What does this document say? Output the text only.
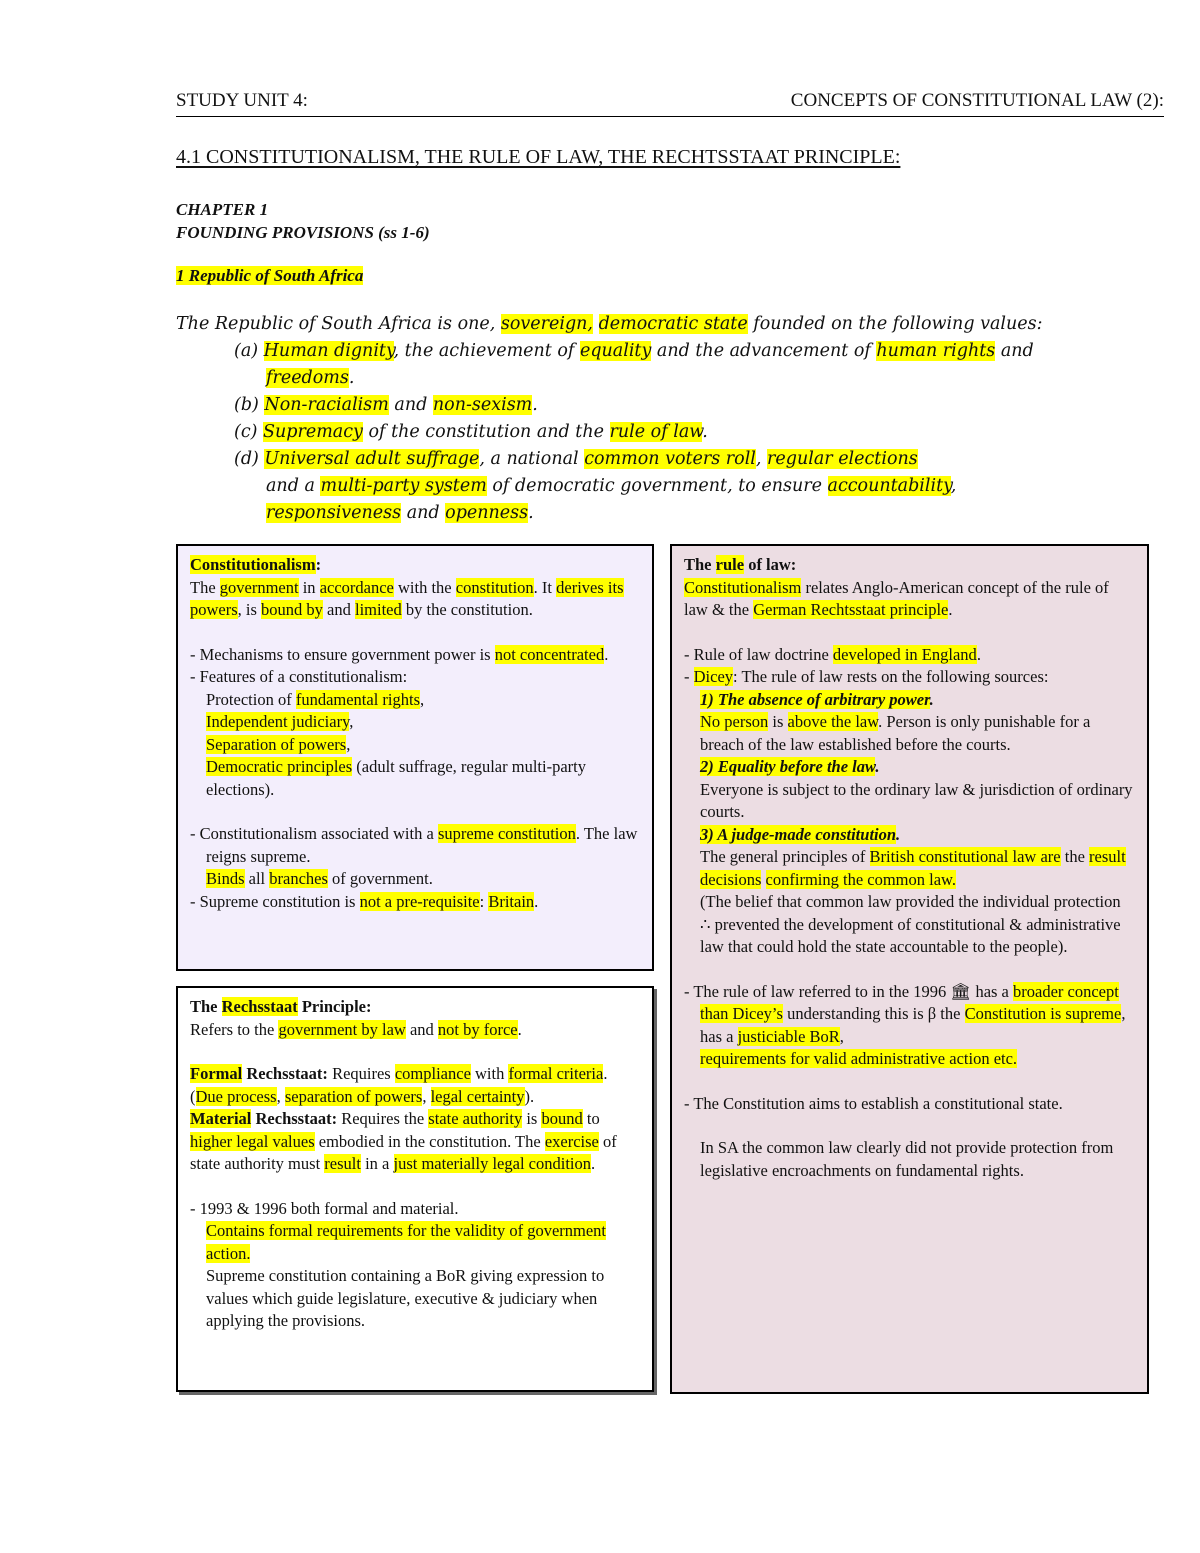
STUDY UNIT 4:	CONCEPTS OF CONSTITUTIONAL LAW (2):
4.1 CONSTITUTIONALISM, THE RULE OF LAW, THE RECHTSSTAAT PRINCIPLE:
CHAPTER 1
FOUNDING PROVISIONS (ss 1-6)
1 Republic of South Africa
The Republic of South Africa is one, sovereign, democratic state founded on the following values:
(a) Human dignity, the achievement of equality and the advancement of human rights and
freedoms.
(b) Non-racialism and non-sexism.
(c) Supremacy of the constitution and the rule of law.
(d) Universal adult suffrage, a national common voters roll, regular elections
and a multi-party system of democratic government, to ensure accountability,
responsiveness and openness.

Constitutionalism:

The government in accordance with the constitution. It derives its powers, is bound by and limited by the constitution.

- Mechanisms to ensure government power is not concentrated.

- Features of a constitutionalism:

Protection of fundamental rights,

Independent judiciary,

Separation of powers,

Democratic principles (adult suffrage, regular multi-party elections).

- Constitutionalism associated with a supreme constitution. The law reigns supreme.
Binds all branches of government.

- Supreme constitution is not a pre-requisite: Britain.

The Rechsstaat Principle:

Refers to the government by law and not by force.

Formal Rechsstaat: Requires compliance with formal criteria. (Due process, separation of powers, legal certainty).

Material Rechsstaat: Requires the state authority is bound to higher legal values embodied in the constitution. The exercise of state authority must result in a just materially legal condition.

- 1993 & 1996 both formal and material.

Contains formal requirements for the validity of government action.

Supreme constitution containing a BoR giving expression to values which guide legislature, executive & judiciary when applying the provisions.

The rule of law:

Constitutionalism relates Anglo-American concept of the rule of law & the German Rechtsstaat principle.

- Rule of law doctrine developed in England.

- Dicey: The rule of law rests on the following sources:

1) The absence of arbitrary power.

No person is above the law. Person is only punishable for a breach of the law established before the courts.

2) Equality before the law.

Everyone is subject to the ordinary law & jurisdiction of ordinary courts.

3) A judge-made constitution.

The general principles of British constitutional law are the result decisions confirming the common law.
(The belief that common law provided the individual protection ∴ prevented the development of constitutional & administrative law that could hold the state accountable to the people).

- The rule of law referred to in the 1996 🏛 has a broader concept than Dicey’s understanding this is β the Constitution is supreme, has a justiciable BoR,
requirements for valid administrative action etc.

- The Constitution aims to establish a constitutional state.

In SA the common law clearly did not provide protection from legislative encroachments on fundamental rights.
